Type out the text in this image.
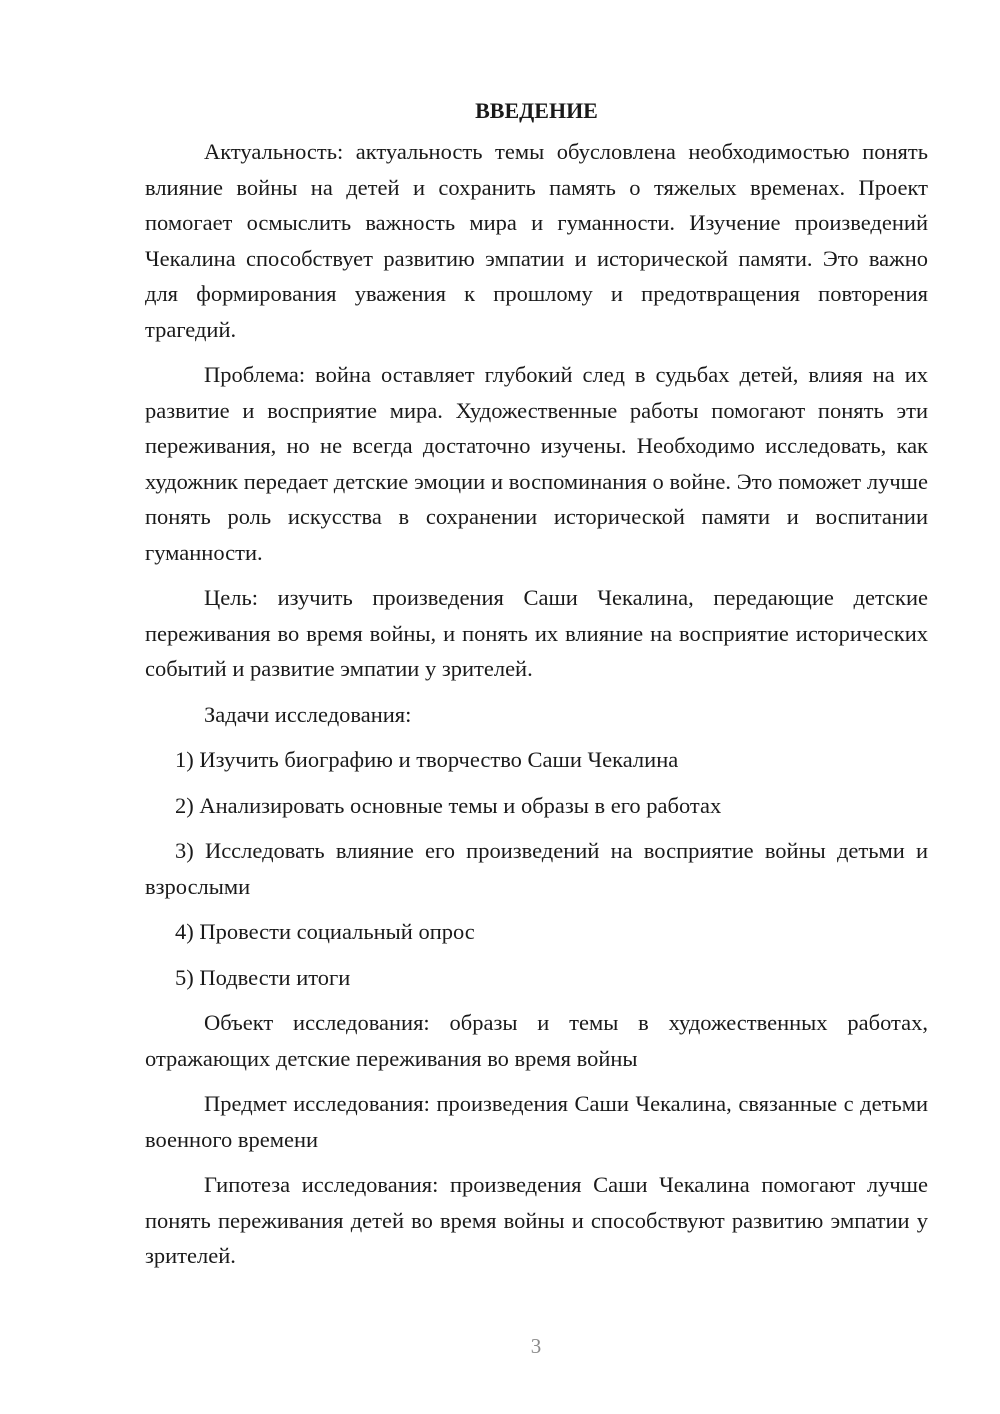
ВВЕДЕНИЕ

Актуальность: актуальность темы обусловлена необходимостью понять влияние войны на детей и сохранить память о тяжелых временах. Проект помогает осмыслить важность мира и гуманности. Изучение произведений Чекалина способствует развитию эмпатии и исторической памяти. Это важно для формирования уважения к прошлому и предотвращения повторения трагедий.

Проблема: война оставляет глубокий след в судьбах детей, влияя на их развитие и восприятие мира. Художественные работы помогают понять эти переживания, но не всегда достаточно изучены. Необходимо исследовать, как художник передает детские эмоции и воспоминания о войне. Это поможет лучше понять роль искусства в сохранении исторической памяти и воспитании гуманности.

Цель: изучить произведения Саши Чекалина, передающие детские переживания во время войны, и понять их влияние на восприятие исторических событий и развитие эмпатии у зрителей.

Задачи исследования:

1) Изучить биографию и творчество Саши Чекалина

2) Анализировать основные темы и образы в его работах

3) Исследовать влияние его произведений на восприятие войны детьми и взрослыми

4) Провести социальный опрос

5) Подвести итоги

Объект исследования: образы и темы в художественных работах, отражающих детские переживания во время войны

Предмет исследования: произведения Саши Чекалина, связанные с детьми военного времени

Гипотеза исследования: произведения Саши Чекалина помогают лучше понять переживания детей во время войны и способствуют развитию эмпатии у зрителей.

3
